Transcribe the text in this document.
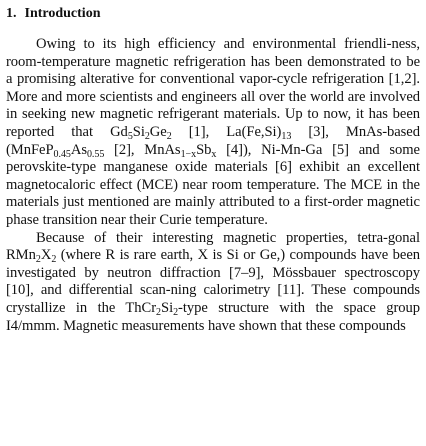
1. Introduction

Owing to its high efficiency and environmental friendli-ness, room-temperature magnetic refrigeration has been demonstrated to be a promising alterative for conventional vapor-cycle refrigeration [1,2]. More and more scientists and engineers all over the world are involved in seeking new magnetic refrigerant materials. Up to now, it has been reported that $Gd_5Si_2Ge_2$ [1], $La(Fe,Si)_{13}$ [3], MnAs-based ($MnFeP_{0.45}As_{0.55}$ [2], $MnAs_{1-x}Sb_x$ [4]), Ni-Mn-Ga [5] and some perovskite-type manganese oxide materials [6] exhibit an excellent magnetocaloric effect (MCE) near room temperature. The MCE in the materials just mentioned are mainly attributed to a first-order magnetic phase transition near their Curie temperature.

Because of their interesting magnetic properties, tetra-gonal $RMn_2X_2$ (where R is rare earth, X is Si or Ge,) compounds have been investigated by neutron diffraction [7–9], Mössbauer spectroscopy [10], and differential scan-ning calorimetry [11]. These compounds crystallize in the $ThCr_2Si_2$-type structure with the space group I4/mmm. Magnetic measurements have shown that these compounds
